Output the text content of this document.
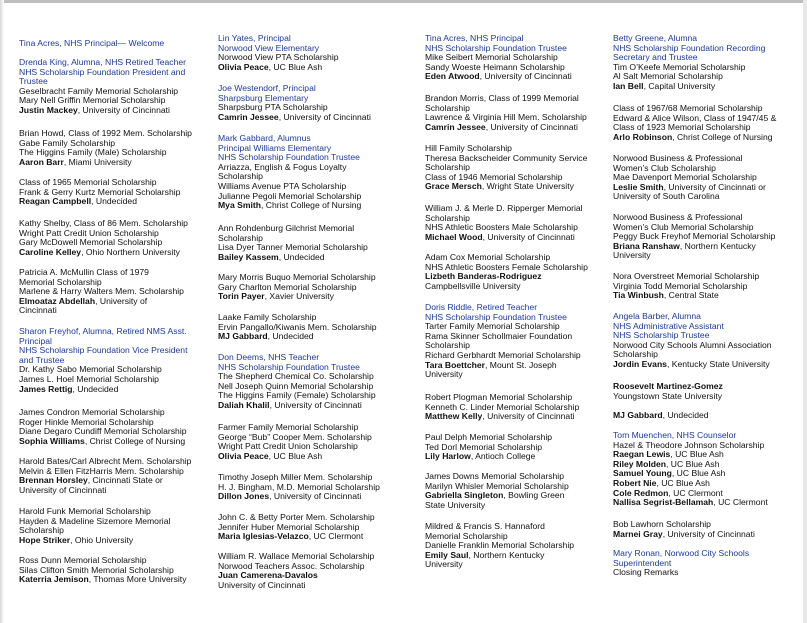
Tina Acres, NHS Principal— Welcome
Drenda King, Alumna, NHS Retired Teacher
NHS Scholarship Foundation President and
Trustee
Geselbracht Family Memorial Scholarship
Mary Nell Griffin Memorial Scholarship
Justin Mackey, University of Cincinnati
Brian Howd, Class of 1992 Mem. Scholarship
Gabe Family Scholarship
The Higgins Family (Male) Scholarship
Aaron Barr, Miami University
Class of 1965 Memorial Scholarship
Frank & Gerry Kurtz Memorial Scholarship
Reagan Campbell, Undecided
Kathy Shelby, Class of 86 Mem. Scholarship
Wright Patt Credit Union Scholarship
Gary McDowell Memorial Scholarship
Caroline Kelley, Ohio Northern University
Patricia A. McMullin Class of 1979
Memorial Scholarship
Marlene & Harry Walters Mem. Scholarship
Elmoataz Abdellah, University of
Cincinnati
Sharon Freyhof, Alumna, Retired NMS Asst.
Principal
NHS Scholarship Foundation Vice President
and Trustee
Dr. Kathy Sabo Memorial Scholarship
James L. Hoel Memorial Scholarship
James Rettig, Undecided
James Condron Memorial Scholarship
Roger Hinkle Memorial Scholarship
Diane Degaro Cundiff Memorial Scholarship
Sophia Williams, Christ College of Nursing
Harold Bates/Carl Albrecht Mem. Scholarship
Melvin & Ellen FitzHarris Mem. Scholarship
Brennan Horsley, Cincinnati State or
University of Cincinnati
Harold Funk Memorial Scholarship
Hayden & Madeline Sizemore Memorial
Scholarship
Hope Striker, Ohio University
Ross Dunn Memorial Scholarship
Silas Clifton Smith Memorial Scholarship
Katerria Jemison, Thomas More University
Lin Yates, Principal
Norwood View Elementary
Norwood View PTA Scholarship
Olivia Peace, UC Blue Ash
Joe Westendorf, Principal
Sharpsburg Elementary
Sharpsburg PTA Scholarship
Camrin Jessee, University of Cincinnati
Mark Gabbard, Alumnus
Principal Williams Elementary
NHS Scholarship Foundation Trustee
Arriazza, English & Fogus Loyalty
Scholarship
Williams Avenue PTA Scholarship
Julianne Pegoli Memorial Scholarship
Mya Smith, Christ College of Nursing
Ann Rohdenburg Gilchrist Memorial
Scholarship
Lisa Dyer Tanner Memorial Scholarship
Bailey Kassem, Undecided
Mary Morris Buquo Memorial Scholarship
Gary Charlton Memorial Scholarship
Torin Payer, Xavier University
Laake Family Scholarship
Ervin Pangallo/Kiwanis Mem. Scholarship
MJ Gabbard, Undecided
Don Deems, NHS Teacher
NHS Scholarship Foundation Trustee
The Shepherd Chemical Co. Scholarship
Nell Joseph Quinn Memorial Scholarship
The Higgins Family (Female) Scholarship
Daliah Khalil, University of Cincinnati
Farmer Family Memorial Scholarship
George “Bub” Cooper Mem. Scholarship
Wright Patt Credit Union Scholarship
Olivia Peace, UC Blue Ash
Timothy Joseph Miller Mem. Scholarship
H. J. Bingham, M.D. Memorial Scholarship
Dillon Jones, University of Cincinnati
John C. & Betty Porter Mem. Scholarship
Jennifer Huber Memorial Scholarship
Maria Iglesias-Velazco, UC Clermont
William R. Wallace Memorial Scholarship
Norwood Teachers Assoc. Scholarship
Juan Camerena-Davalos
University of Cincinnati
Tina Acres, NHS Principal
NHS Scholarship Foundation Trustee
Mike Seibert Memorial Scholarship
Sandy Woeste Heimann Scholarship
Eden Atwood, University of Cincinnati
Brandon Morris, Class of 1999 Memorial
Scholarship
Lawrence & Virginia Hill Mem. Scholarship
Camrin Jessee, University of Cincinnati
Hill Family Scholarship
Theresa Backscheider Community Service
Scholarship
Class of 1946 Memorial Scholarship
Grace Mersch, Wright State University
William J. & Merle D. Ripperger Memorial
Scholarship
NHS Athletic Boosters Male Scholarship
Michael Wood, University of Cincinnati
Adam Cox Memorial Scholarship
NHS Athletic Boosters Female Scholarship
Lizbeth Banderas-Rodriguez
Campbellsville University
Doris Riddle, Retired Teacher
NHS Scholarship Foundation Trustee
Tarter Family Memorial Scholarship
Rama Skinner Schollmaier Foundation
Scholarship
Richard Gerbhardt Memorial Scholarship
Tara Boettcher, Mount St. Joseph
University
Robert Plogman Memorial Scholarship
Kenneth C. Linder Memorial Scholarship
Matthew Kelly, University of Cincinnati
Paul Delph Memorial Scholarship
Ted Dorl Memorial Scholarship
Lily Harlow, Antioch College
James Downs Memorial Scholarship
Marilyn Whisler Memorial Scholarship
Gabriella Singleton, Bowling Green
State University
Mildred & Francis S. Hannaford
Memorial Scholarship
Danielle Franklin Memorial Scholarship
Emily Saul, Northern Kentucky
University
Betty Greene, Alumna
NHS Scholarship Foundation Recording
Secretary and Trustee
Tim O’Keefe Memorial Scholarship
Al Salt Memorial Scholarship
Ian Bell, Capital University
Class of 1967/68 Memorial Scholarship
Edward & Alice Wilson, Class of 1947/45 &
Class of 1923 Memorial Scholarship
Arlo Robinson, Christ College of Nursing
Norwood Business & Professional
Women’s Club Scholarship
Mae Davenport Memorial Scholarship
Leslie Smith, University of Cincinnati or
University of South Carolina
Norwood Business & Professional
Women’s Club Memorial Scholarship
Peggy Buck Freyhof Memorial Scholarship
Briana Ranshaw, Northern Kentucky
University
Nora Overstreet Memorial Scholarship
Virginia Todd Memorial Scholarship
Tia Winbush, Central State
Angela Barber, Alumna
NHS Administrative Assistant
NHS Scholarship Trustee
Norwood City Schools Alumni Association
Scholarship
Jordin Evans, Kentucky State University
Roosevelt Martinez-Gomez
Youngstown State University
MJ Gabbard, Undecided
Tom Muenchen, NHS Counselor
Hazel & Theodore Johnson Scholarship
Raegan Lewis, UC Blue Ash
Riley Molden, UC Blue Ash
Samuel Young, UC Blue Ash
Robert Nie, UC Blue Ash
Cole Redmon, UC Clermont
Nallisa Segrist-Bellamah, UC Clermont
Bob Lawhorn Scholarship
Marnei Gray, University of Cincinnati
Mary Ronan, Norwood City Schools
Superintendent
Closing Remarks
